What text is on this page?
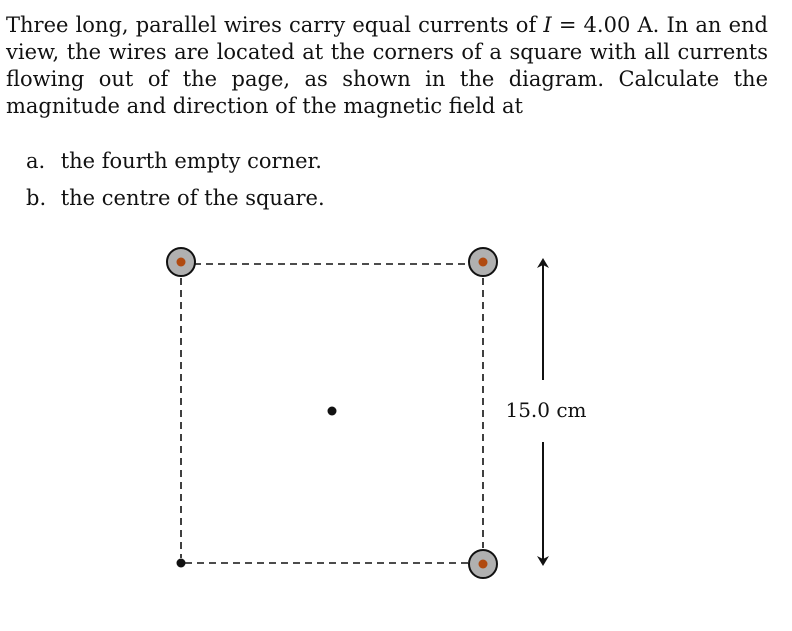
Three long, parallel wires carry equal currents of I = 4.00 A. In an end view, the wires are located at the corners of a square with all currents flowing out of the page, as shown in the diagram. Calculate the magnitude and direction of the magnetic field at

a. the fourth empty corner.
b. the centre of the square.
15.0 cm
